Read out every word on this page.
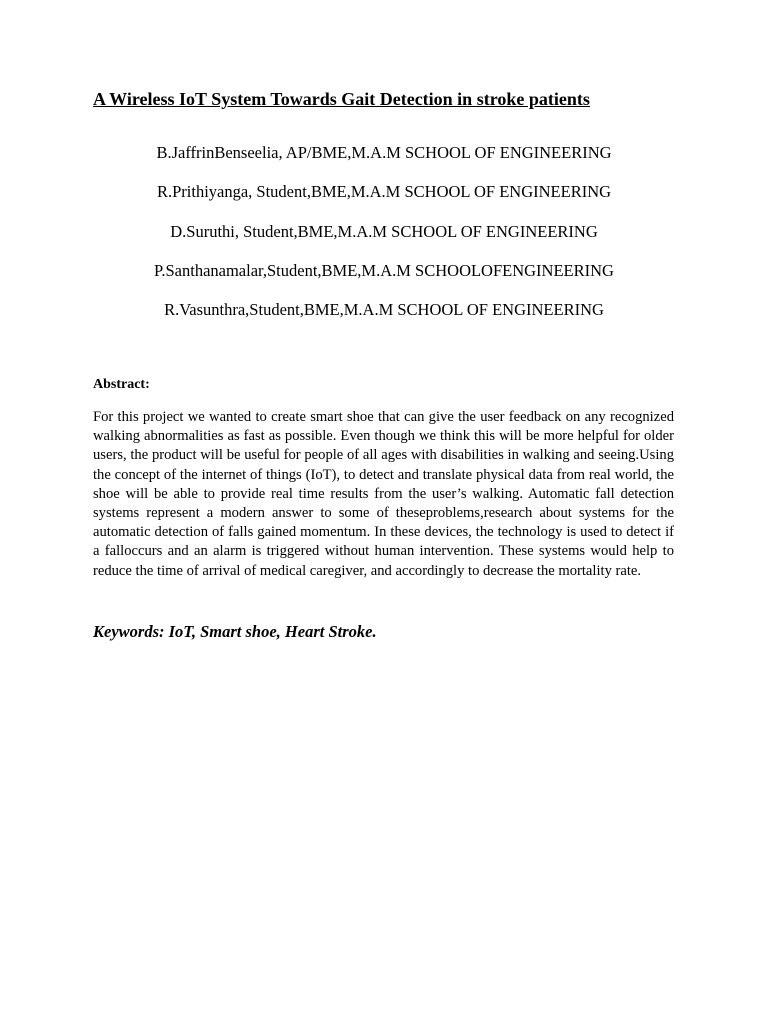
A Wireless IoT System Towards Gait Detection in stroke patients
B.JaffrinBenseelia, AP/BME,M.A.M SCHOOL OF ENGINEERING
R.Prithiyanga, Student,BME,M.A.M SCHOOL OF ENGINEERING
D.Suruthi, Student,BME,M.A.M SCHOOL OF ENGINEERING
P.Santhanamalar,Student,BME,M.A.M SCHOOLOFENGINEERING
R.Vasunthra,Student,BME,M.A.M SCHOOL OF ENGINEERING
Abstract:
For this project we wanted to create smart shoe that can give the user feedback on any recognized walking abnormalities as fast as possible. Even though we think this will be more helpful for older users, the product will be useful for people of all ages with disabilities in walking and seeing.Using the concept of the internet of things (IoT), to detect and translate physical data from real world, the shoe will be able to provide real time results from the user’s walking. Automatic fall detection systems represent a modern answer to some of theseproblems,research about systems for the automatic detection of falls gained momentum. In these devices, the technology is used to detect if a falloccurs and an alarm is triggered without human intervention. These systems would help to reduce the time of arrival of medical caregiver, and accordingly to decrease the mortality rate.
Keywords: IoT, Smart shoe, Heart Stroke.
